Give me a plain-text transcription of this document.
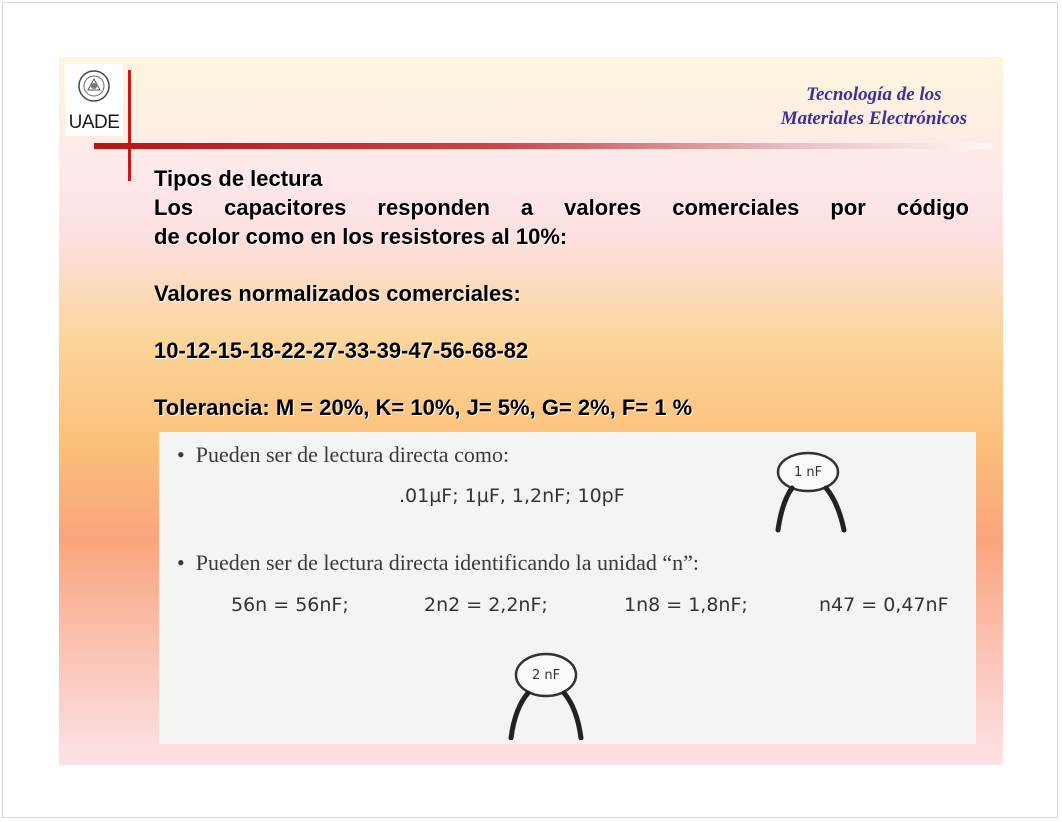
UADE
Tecnología de los
Materiales Electrónicos

Tipos de lectura

Los capacitores responden a valores comerciales por código

de color como en los resistores al 10%:

Valores normalizados comerciales:

10-12-15-18-22-27-33-39-47-56-68-82

Tolerancia: M = 20%, K= 10%, J= 5%, G= 2%, F= 1 %

• Pueden ser de lectura directa como:
.01µF; 1µF, 1,2nF; 10pF
1 nF
• Pueden ser de lectura directa identificando la unidad “n”:
56n = 56nF;	2n2 = 2,2nF;	1n8 = 1,8nF;	n47 = 0,47nF
2 nF
